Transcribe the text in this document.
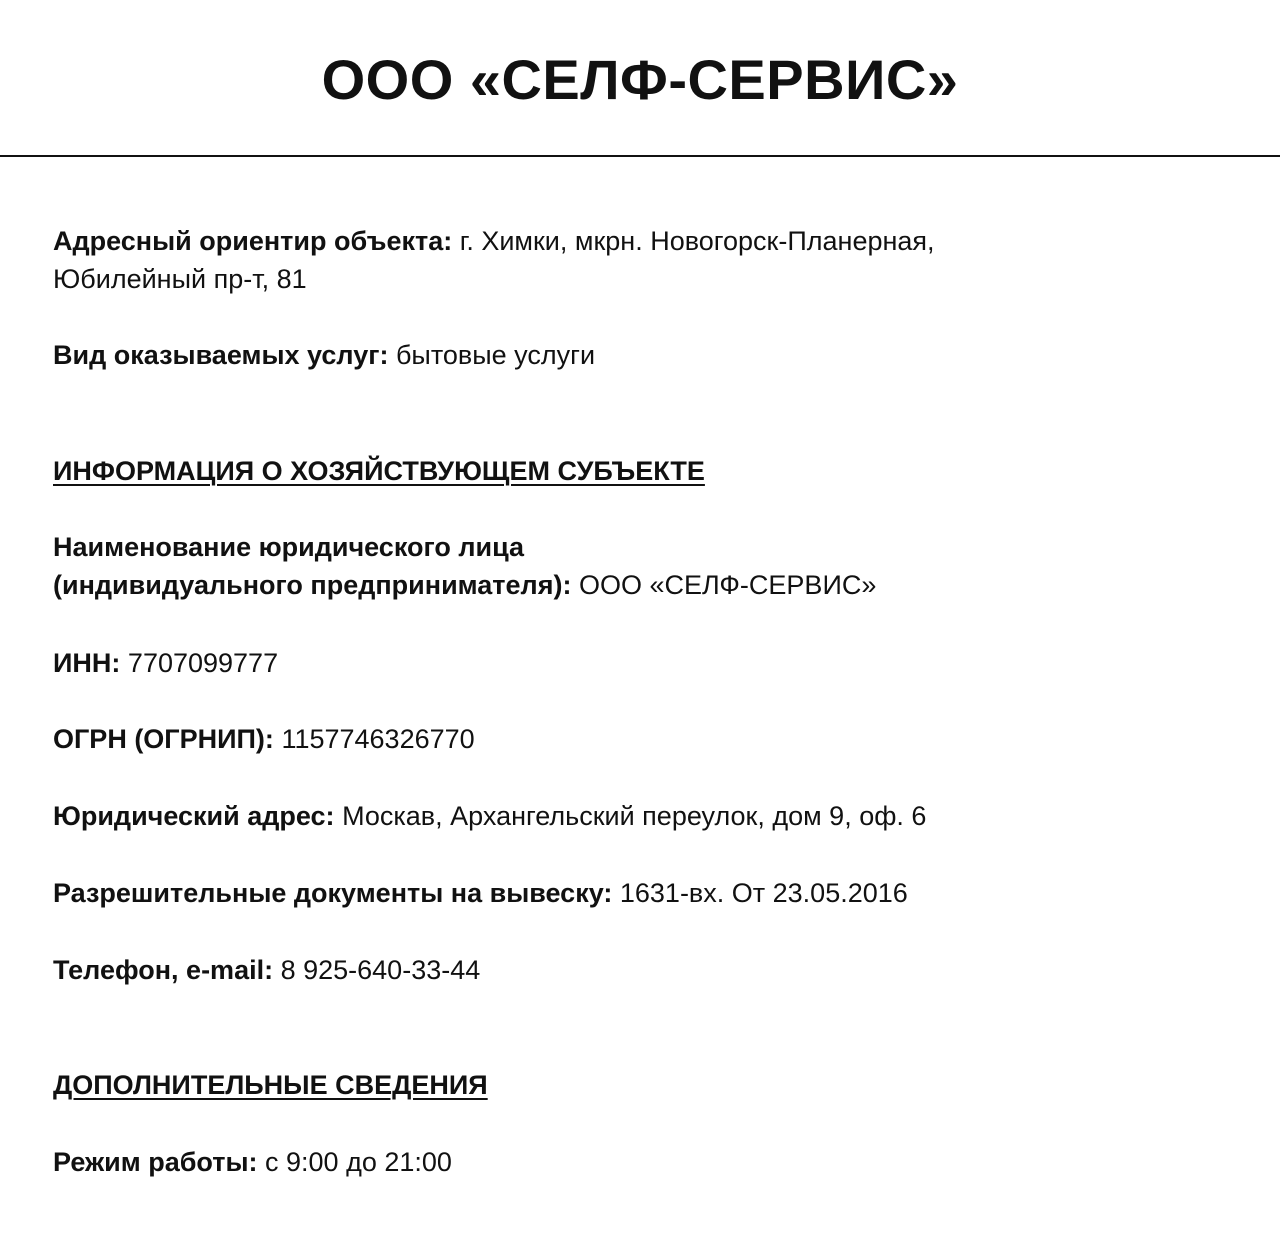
ООО «СЕЛФ-СЕРВИС»
Адресный ориентир объекта: г. Химки, мкрн. Новогорск-Планерная,
Юбилейный пр-т, 81
Вид оказываемых услуг: бытовые услуги
ИНФОРМАЦИЯ О ХОЗЯЙСТВУЮЩЕМ СУБЪЕКТЕ
Наименование юридического лица
(индивидуального предпринимателя): ООО «СЕЛФ-СЕРВИС»
ИНН: 7707099777
ОГРН (ОГРНИП): 1157746326770
Юридический адрес: Москав, Архангельский переулок, дом 9, оф. 6
Разрешительные документы на вывеску: 1631-вх. От 23.05.2016
Телефон, e-mail: 8 925-640-33-44
ДОПОЛНИТЕЛЬНЫЕ СВЕДЕНИЯ
Режим работы: с 9:00 до 21:00
